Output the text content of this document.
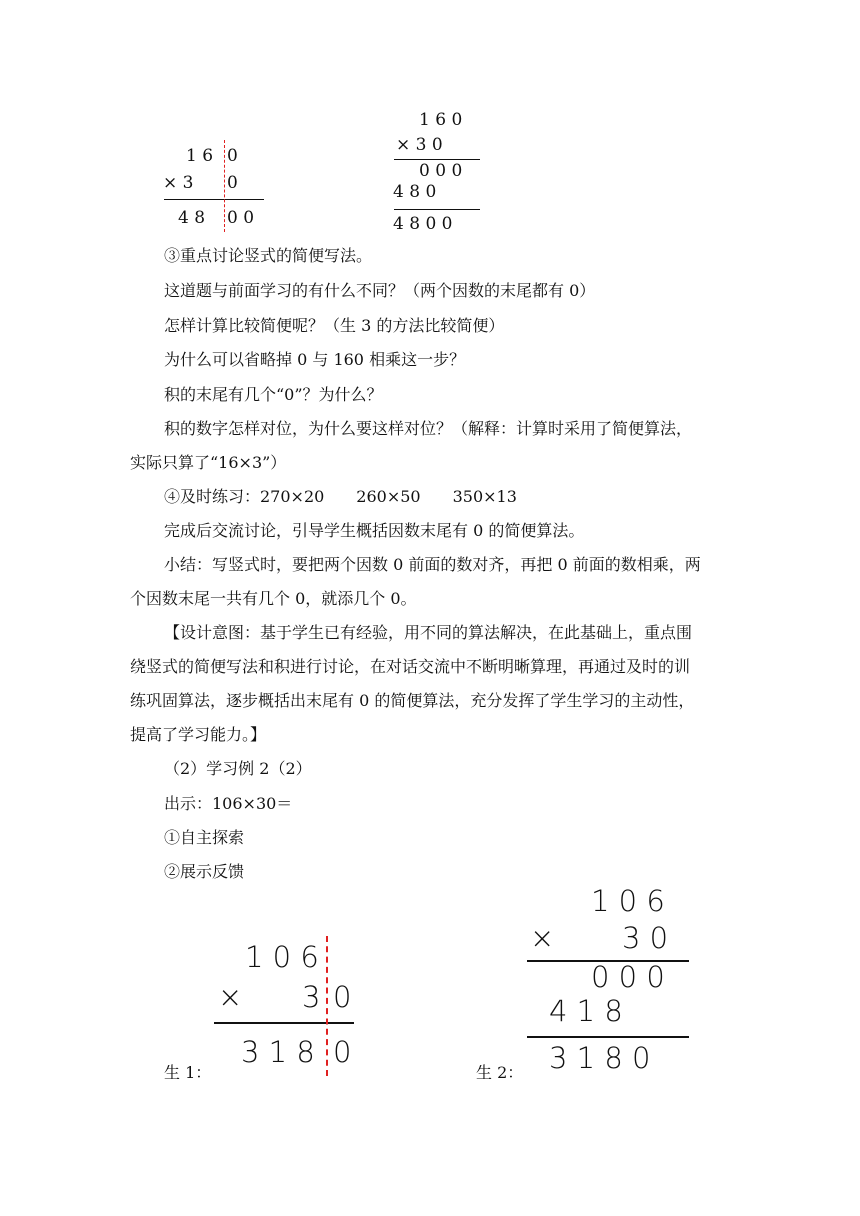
1 6 0
× 3 0
4 8 0 0
1 6 0
× 3 0
0 0 0
4 8 0
4 8 0 0
③重点讨论竖式的简便写法。
这道题与前面学习的有什么不同？（两个因数的末尾都有 0）
怎样计算比较简便呢？（生 3 的方法比较简便）
为什么可以省略掉 0 与 160 相乘这一步？
积的末尾有几个“0”？为什么？
积的数字怎样对位，为什么要这样对位？（解释：计算时采用了简便算法，
实际只算了“16×3”）
④及时练习：270×20　　260×50　　350×13
完成后交流讨论，引导学生概括因数末尾有 0 的简便算法。
小结：写竖式时，要把两个因数 0 前面的数对齐，再把 0 前面的数相乘，两
个因数末尾一共有几个 0，就添几个 0。
【设计意图：基于学生已有经验，用不同的算法解决，在此基础上，重点围
绕竖式的简便写法和积进行讨论，在对话交流中不断明晰算理，再通过及时的训
练巩固算法，逐步概括出末尾有 0 的简便算法，充分发挥了学生学习的主动性，
提高了学习能力。】
（2）学习例 2（2）
出示：106×30＝
①自主探索
②展示反馈
1 0 6
× 3 0
3 1 8 0
生 1：
1 0 6
× 3 0
0 0 0
4 1 8
3 1 8 0
生 2：
